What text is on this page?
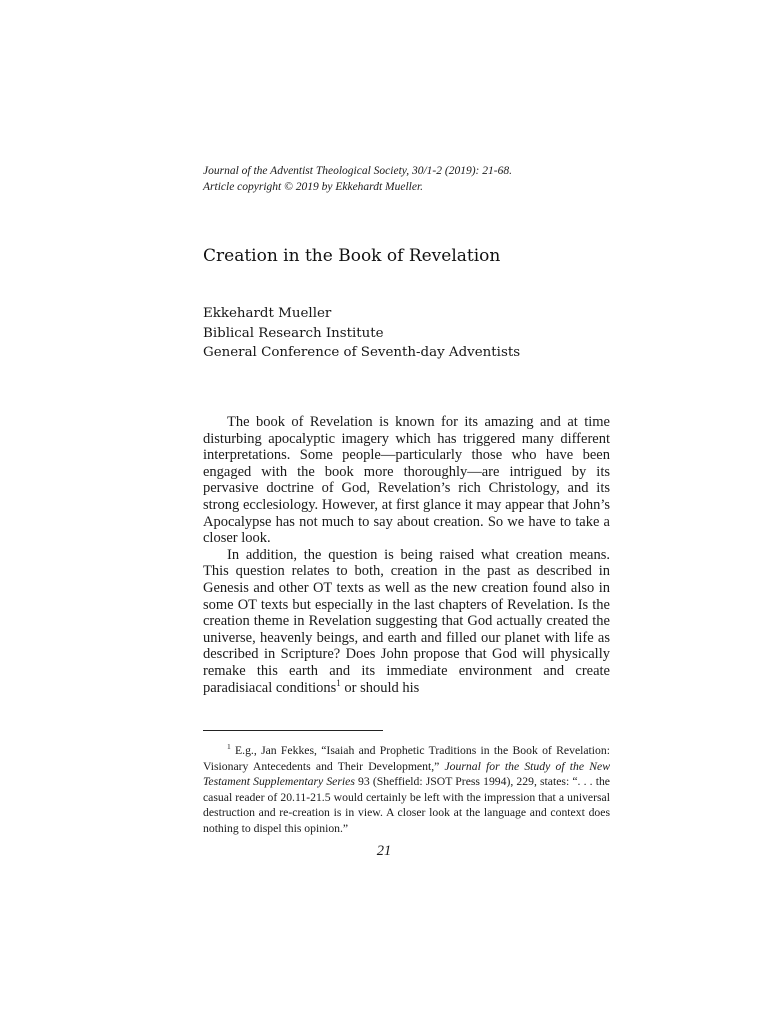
Journal of the Adventist Theological Society, 30/1-2 (2019): 21-68.
Article copyright © 2019 by Ekkehardt Mueller.
Creation in the Book of Revelation
Ekkehardt Mueller
Biblical Research Institute
General Conference of Seventh-day Adventists

The book of Revelation is known for its amazing and at time disturbing apocalyptic imagery which has triggered many different interpretations. Some people—particularly those who have been engaged with the book more thoroughly—are intrigued by its pervasive doctrine of God, Revelation’s rich Christology, and its strong ecclesiology. However, at first glance it may appear that John’s Apocalypse has not much to say about creation. So we have to take a closer look.

In addition, the question is being raised what creation means. This question relates to both, creation in the past as described in Genesis and other OT texts as well as the new creation found also in some OT texts but especially in the last chapters of Revelation. Is the creation theme in Revelation suggesting that God actually created the universe, heavenly beings, and earth and filled our planet with life as described in Scripture? Does John propose that God will physically remake this earth and its immediate environment and create paradisiacal conditions$^1$ or should his

$^1$ E.g., Jan Fekkes, “Isaiah and Prophetic Traditions in the Book of Revelation: Visionary Antecedents and Their Development,” Journal for the Study of the New Testament Supplementary Series 93 (Sheffield: JSOT Press 1994), 229, states: “. . . the casual reader of 20.11-21.5 would certainly be left with the impression that a universal destruction and re-creation is in view. A closer look at the language and context does nothing to dispel this opinion.”

21
